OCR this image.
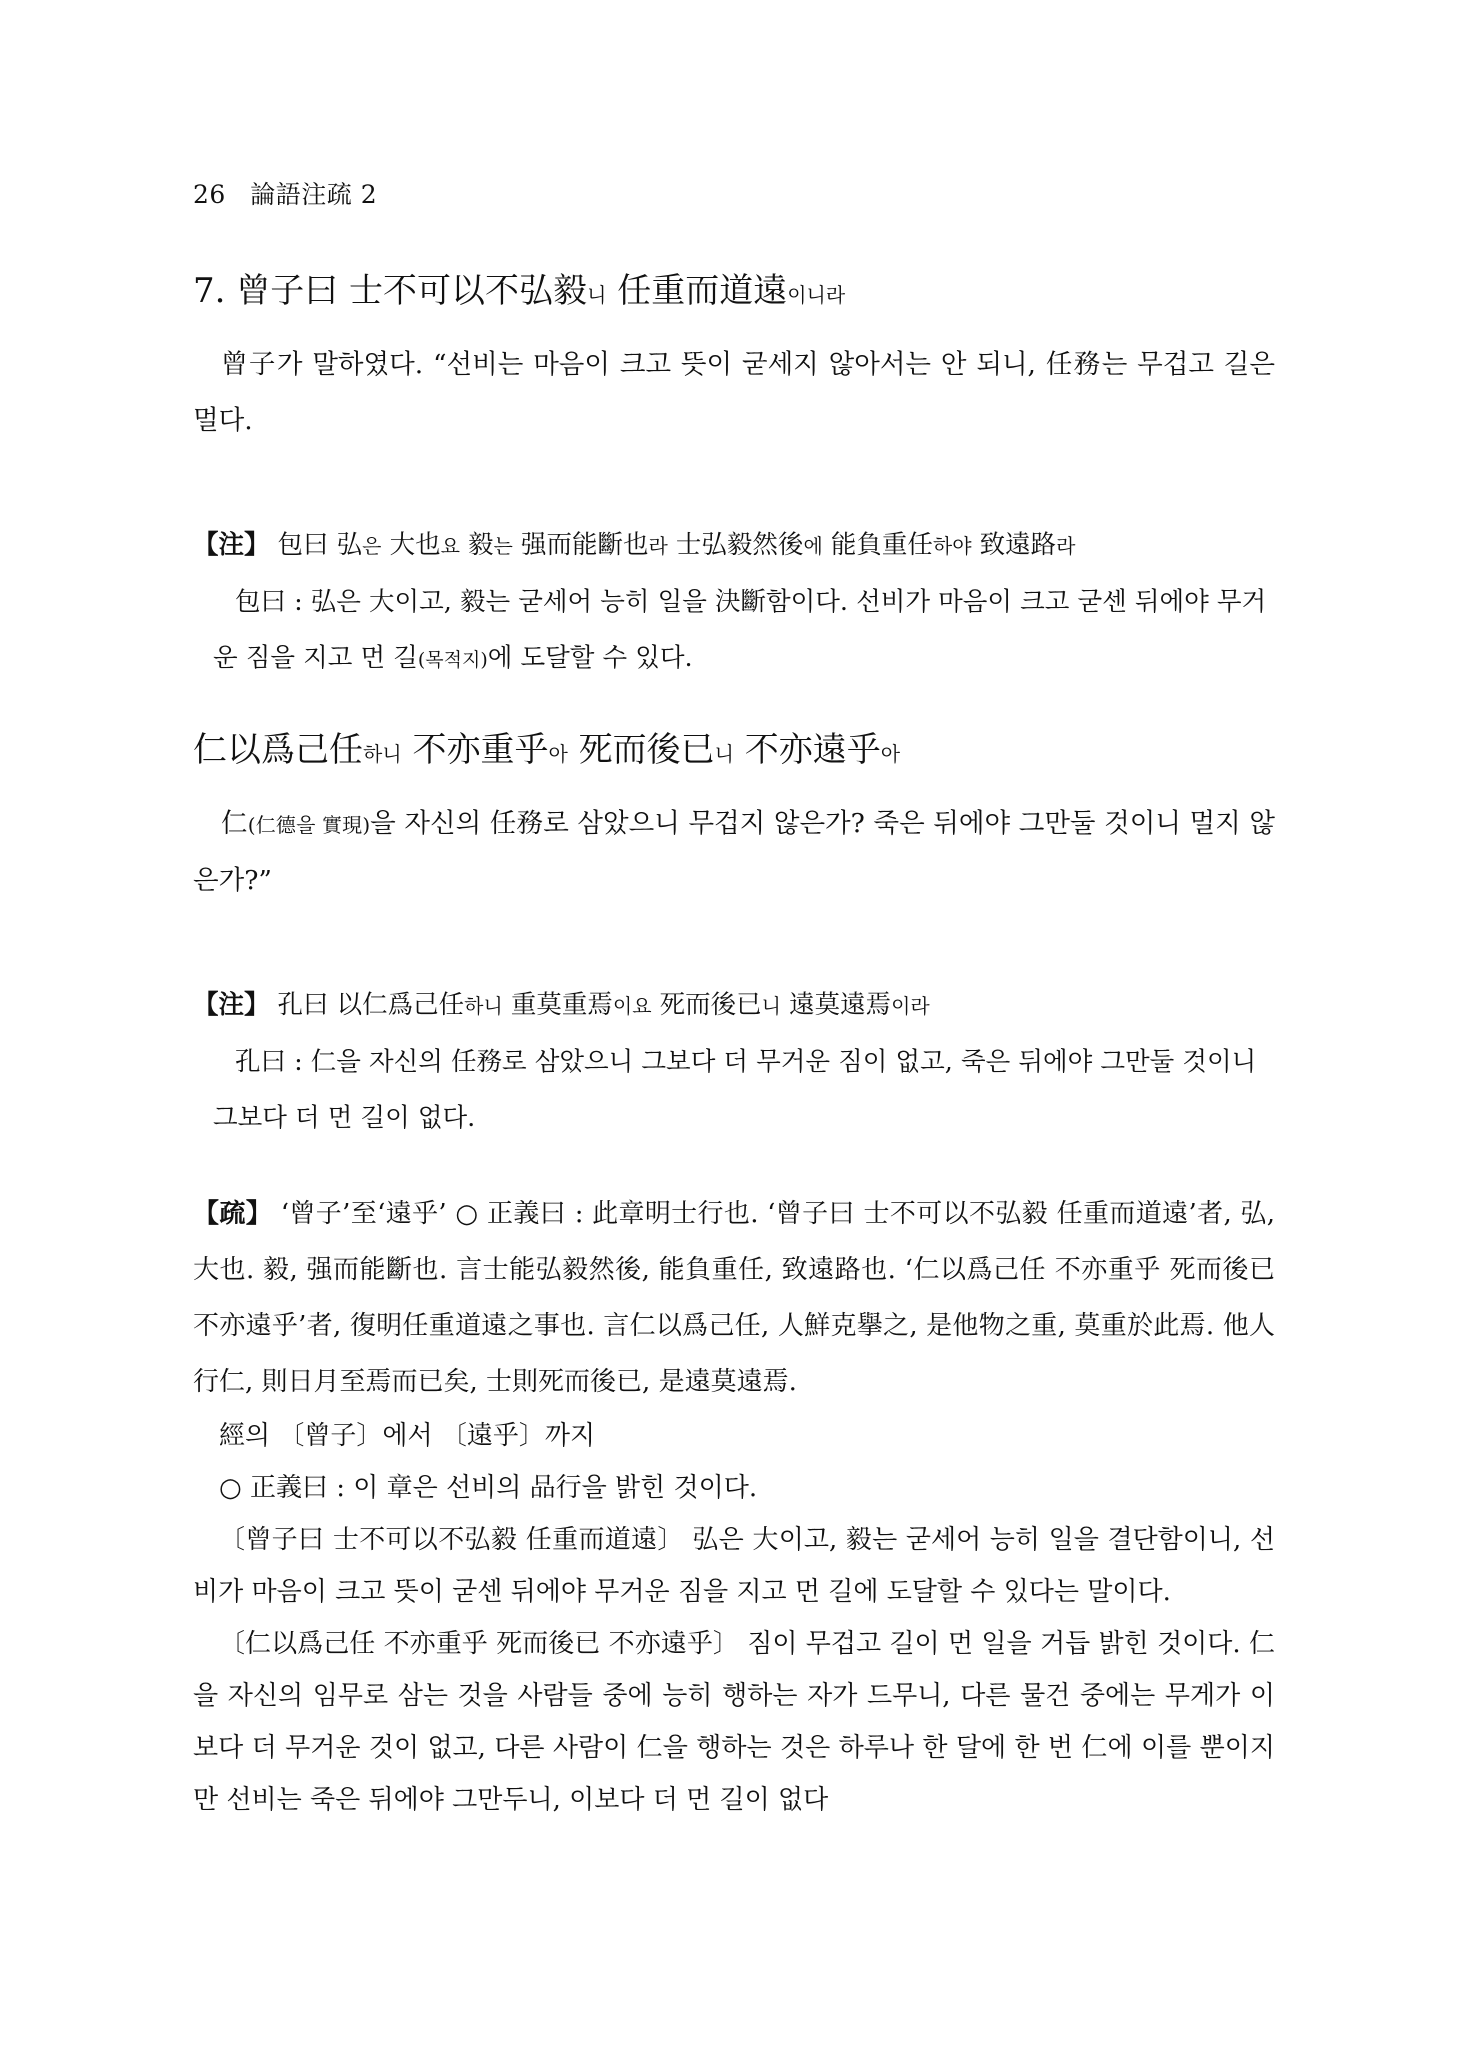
26 論語注疏 2
7. 曾子曰 士不可以不弘毅니 任重而道遠이니라

曾子가 말하였다. “선비는 마음이 크고 뜻이 굳세지 않아서는 안 되니, 任務는 무겁고 길은 멀다.

【注】 包曰 弘은 大也요 毅는 强而能斷也라 士弘毅然後에 能負重任하야 致遠路라

包曰 : 弘은 大이고, 毅는 굳세어 능히 일을 決斷함이다. 선비가 마음이 크고 굳센 뒤에야 무거운 짐을 지고 먼 길(목적지)에 도달할 수 있다.

仁以爲己任하니 不亦重乎아 死而後已니 不亦遠乎아

仁(仁德을 實現)을 자신의 任務로 삼았으니 무겁지 않은가? 죽은 뒤에야 그만둘 것이니 멀지 않은가?”

【注】 孔曰 以仁爲己任하니 重莫重焉이요 死而後已니 遠莫遠焉이라

孔曰 : 仁을 자신의 任務로 삼았으니 그보다 더 무거운 짐이 없고, 죽은 뒤에야 그만둘 것이니 그보다 더 먼 길이 없다.

【疏】 ‘曾子’至‘遠乎’ ○ 正義曰 : 此章明士行也. ‘曾子曰 士不可以不弘毅 任重而道遠’者, 弘, 大也. 毅, 强而能斷也. 言士能弘毅然後, 能負重任, 致遠路也. ‘仁以爲己任 不亦重乎 死而後已 不亦遠乎’者, 復明任重道遠之事也. 言仁以爲己任, 人鮮克擧之, 是他物之重, 莫重於此焉. 他人行仁, 則日月至焉而已矣, 士則死而後已, 是遠莫遠焉.

經의 〔曾子〕에서 〔遠乎〕까지

○ 正義曰 : 이 章은 선비의 品行을 밝힌 것이다.

〔曾子曰 士不可以不弘毅 任重而道遠〕 弘은 大이고, 毅는 굳세어 능히 일을 결단함이니, 선비가 마음이 크고 뜻이 굳센 뒤에야 무거운 짐을 지고 먼 길에 도달할 수 있다는 말이다.

〔仁以爲己任 不亦重乎 死而後已 不亦遠乎〕 짐이 무겁고 길이 먼 일을 거듭 밝힌 것이다. 仁을 자신의 임무로 삼는 것을 사람들 중에 능히 행하는 자가 드무니, 다른 물건 중에는 무게가 이보다 더 무거운 것이 없고, 다른 사람이 仁을 행하는 것은 하루나 한 달에 한 번 仁에 이를 뿐이지만 선비는 죽은 뒤에야 그만두니, 이보다 더 먼 길이 없다
